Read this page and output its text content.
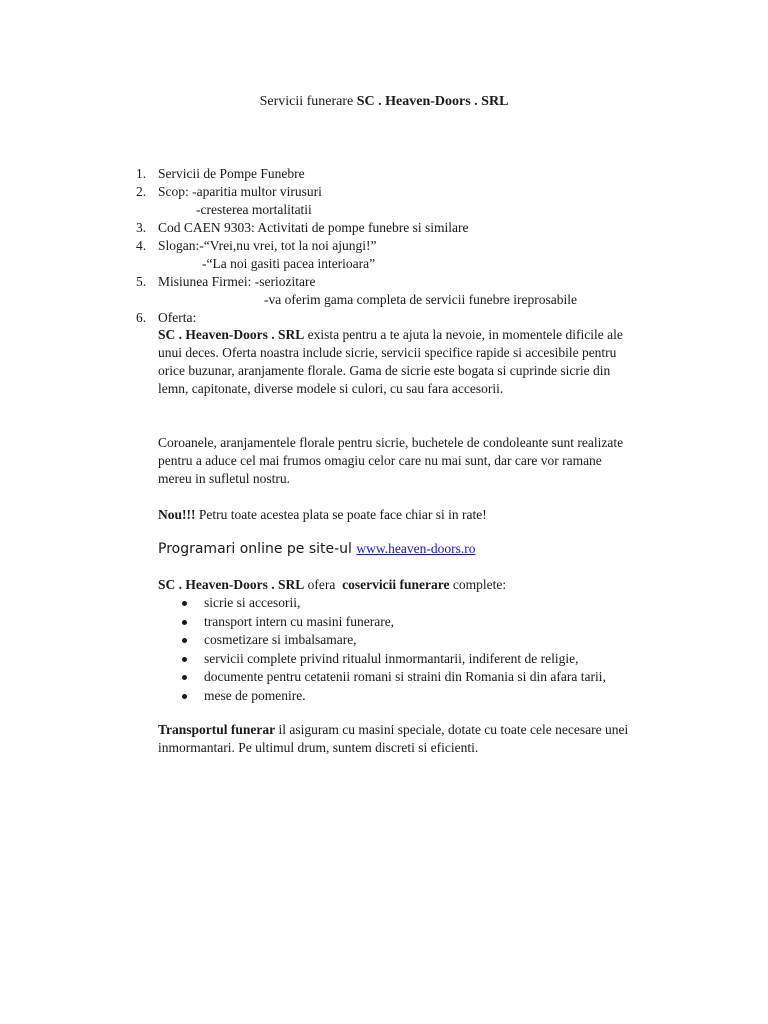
Servicii funerare SC . Heaven-Doors . SRL
1. Servicii de Pompe Funebre
2. Scop: -aparitia multor virusuri
-cresterea mortalitatii
3. Cod CAEN 9303: Activitati de pompe funebre si similare
4. Slogan:-“Vrei,nu vrei, tot la noi ajungi!”
-“La noi gasiti pacea interioara”
5. Misiunea Firmei: -seriozitare
-va oferim gama completa de servicii funebre ireprosabile
6. Oferta:
SC . Heaven-Doors . SRL exista pentru a te ajuta la nevoie, in momentele dificile ale unui deces. Oferta noastra include sicrie, servicii specifice rapide si accesibile pentru orice buzunar, aranjamente florale. Gama de sicrie este bogata si cuprinde sicrie din lemn, capitonate, diverse modele si culori, cu sau fara accesorii.
Coroanele, aranjamentele florale pentru sicrie, buchetele de condoleante sunt realizate pentru a aduce cel mai frumos omagiu celor care nu mai sunt, dar care vor ramane mereu in sufletul nostru.
Nou!!! Petru toate acestea plata se poate face chiar si in rate!
Programari online pe site-ul www.heaven-doors.ro
SC . Heaven-Doors . SRL ofera  coservicii funerare complete:
sicrie si accesorii,
transport intern cu masini funerare,
cosmetizare si imbalsamare,
servicii complete privind ritualul inmormantarii, indiferent de religie,
documente pentru cetatenii romani si straini din Romania si din afara tarii,
mese de pomenire.
Transportul funerar il asiguram cu masini speciale, dotate cu toate cele necesare unei inmormantari. Pe ultimul drum, suntem discreti si eficienti.
